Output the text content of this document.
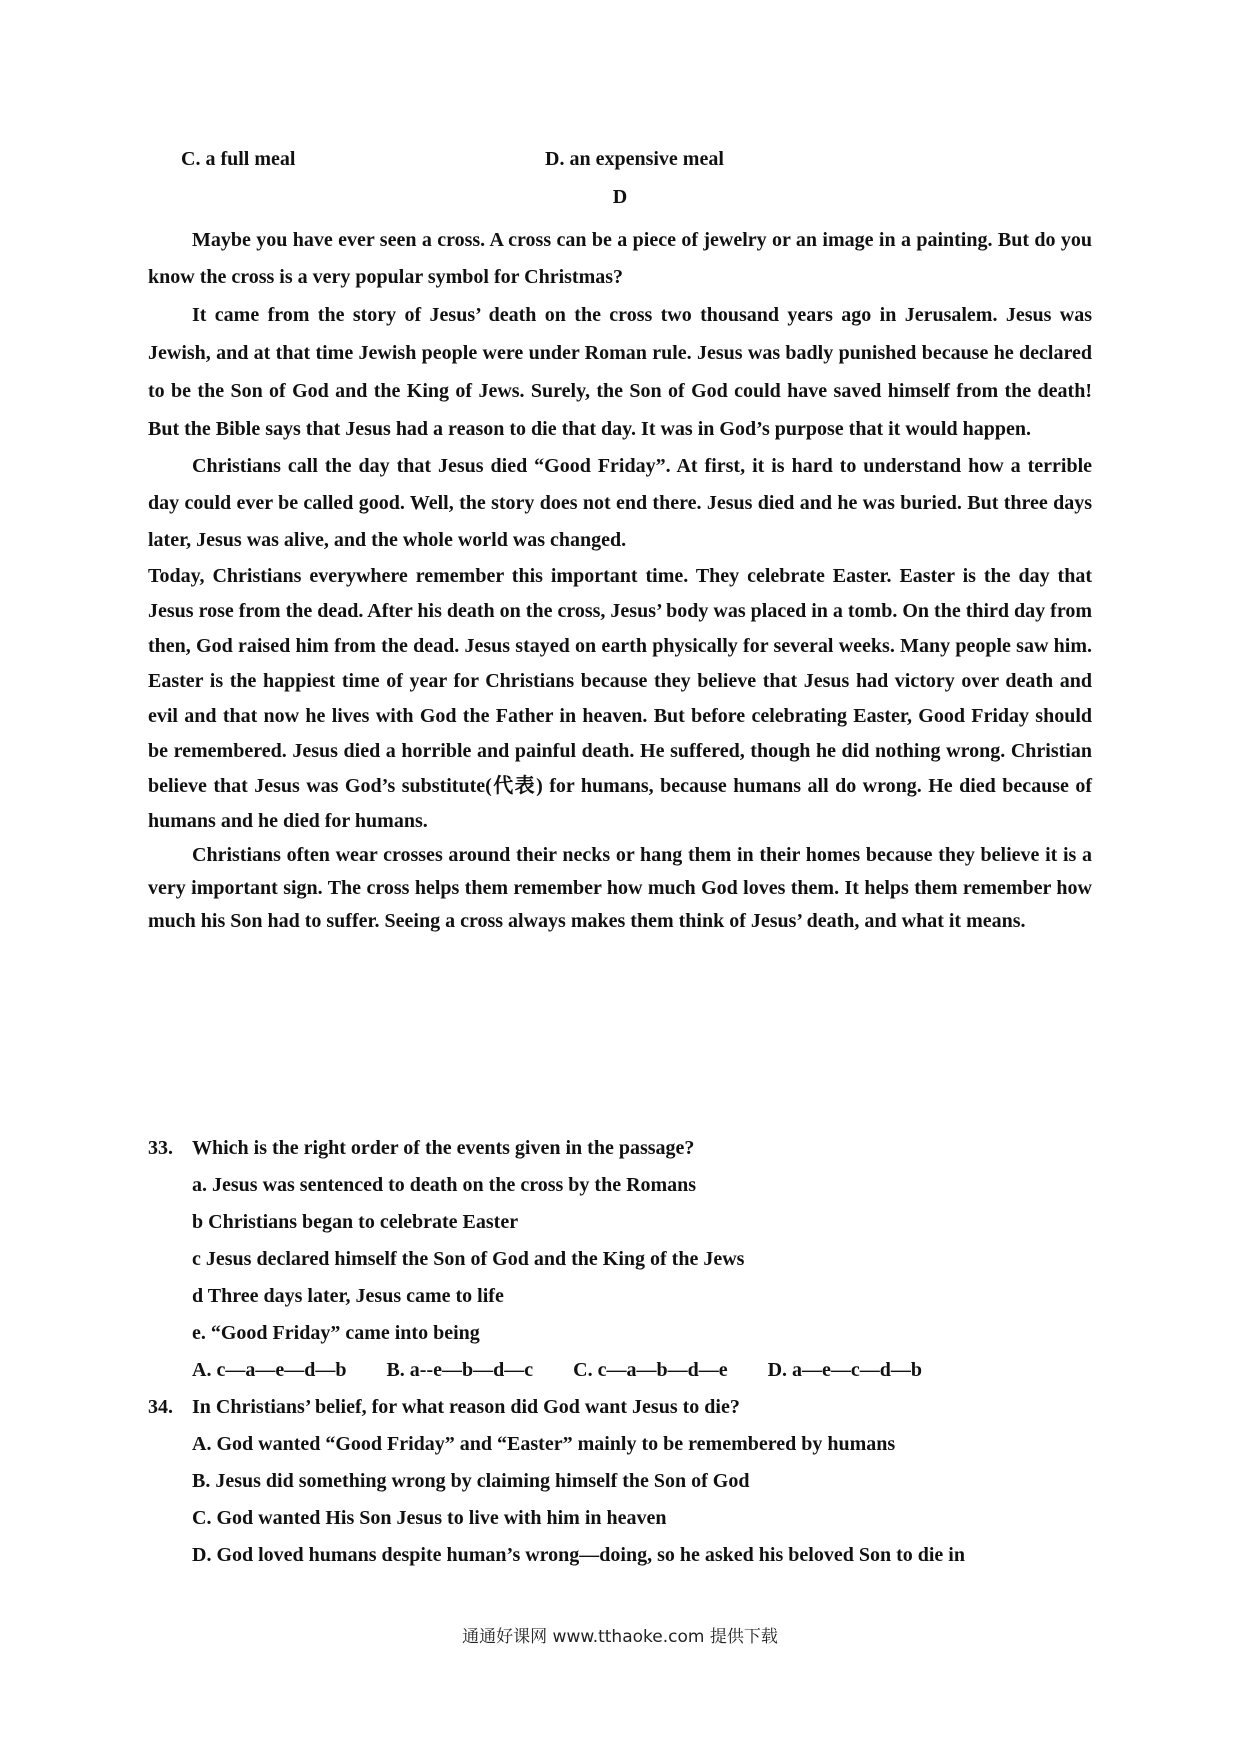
C. a full meal	D. an expensive meal
D

Maybe you have ever seen a cross. A cross can be a piece of jewelry or an image in a painting. But do you know the cross is a very popular symbol for Christmas?

It came from the story of Jesus’ death on the cross two thousand years ago in Jerusalem. Jesus was Jewish, and at that time Jewish people were under Roman rule. Jesus was badly punished because he declared to be the Son of God and the King of Jews. Surely, the Son of God could have saved himself from the death! But the Bible says that Jesus had a reason to die that day. It was in God’s purpose that it would happen.

Christians call the day that Jesus died “Good Friday”. At first, it is hard to understand how a terrible day could ever be called good. Well, the story does not end there. Jesus died and he was buried. But three days later, Jesus was alive, and the whole world was changed.

Today, Christians everywhere remember this important time. They celebrate Easter. Easter is the day that Jesus rose from the dead. After his death on the cross, Jesus’ body was placed in a tomb. On the third day from then, God raised him from the dead. Jesus stayed on earth physically for several weeks. Many people saw him. Easter is the happiest time of year for Christians because they believe that Jesus had victory over death and evil and that now he lives with God the Father in heaven. But before celebrating Easter, Good Friday should be remembered. Jesus died a horrible and painful death. He suffered, though he did nothing wrong. Christian believe that Jesus was God’s substitute(代表) for humans, because humans all do wrong. He died because of humans and he died for humans.

Christians often wear crosses around their necks or hang them in their homes because they believe it is a very important sign. The cross helps them remember how much God loves them. It helps them remember how much his Son had to suffer. Seeing a cross always makes them think of Jesus’ death, and what it means.

33. Which is the right order of the events given in the passage?

a. Jesus was sentenced to death on the cross by the Romans

b Christians began to celebrate Easter

c Jesus declared himself the Son of God and the King of the Jews

d Three days later, Jesus came to life

e. “Good Friday” came into being

A. c—a—e—d—b B. a--e—b—d—c C. c—a—b—d—e D. a—e—c—d—b

34. In Christians’ belief, for what reason did God want Jesus to die?

A. God wanted “Good Friday” and “Easter” mainly to be remembered by humans

B. Jesus did something wrong by claiming himself the Son of God

C. God wanted His Son Jesus to live with him in heaven

D. God loved humans despite human’s wrong—doing, so he asked his beloved Son to die in

通通好课网 www.tthaoke.com 提供下载
